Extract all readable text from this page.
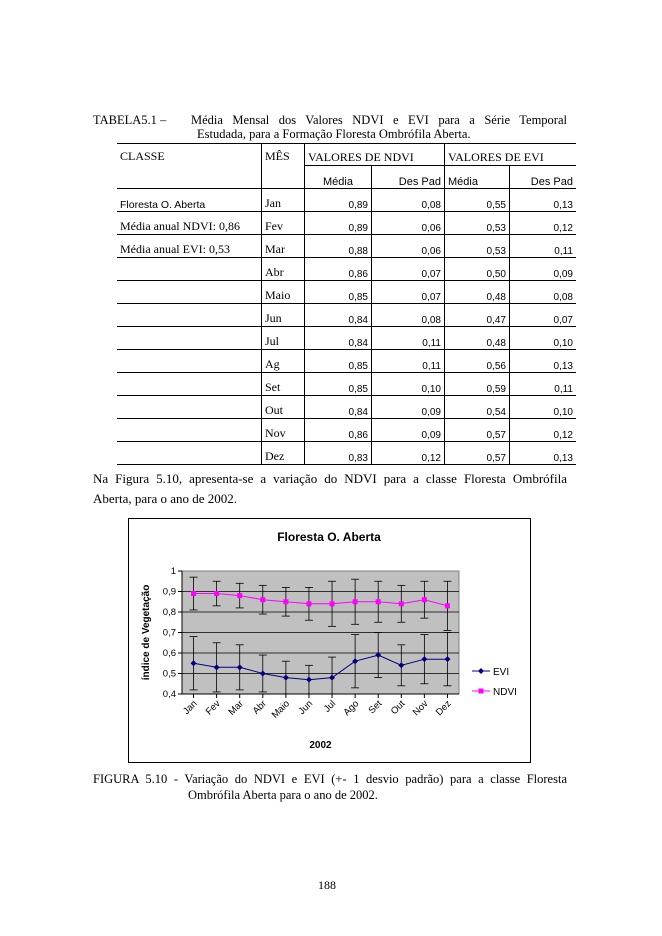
TABELA5.1 – Média Mensal dos Valores NDVI e EVI para a Série Temporal
Estudada, para a Formação Floresta Ombrófila Aberta.
CLASSE	MÊS	VALORES DE NDVI		VALORES DE EVI	
		Média	Des Pad	Média	Des Pad
Floresta O. Aberta	Jan	0,89	0,08	0,55	0,13
Média anual NDVI: 0,86	Fev	0,89	0,06	0,53	0,12
Média anual EVI: 0,53	Mar	0,88	0,06	0,53	0,11
	Abr	0,86	0,07	0,50	0,09
	Maio	0,85	0,07	0,48	0,08
	Jun	0,84	0,08	0,47	0,07
	Jul	0,84	0,11	0,48	0,10
	Ag	0,85	0,11	0,56	0,13
	Set	0,85	0,10	0,59	0,11
	Out	0,84	0,09	0,54	0,10
	Nov	0,86	0,09	0,57	0,12
	Dez	0,83	0,12	0,57	0,13
Na Figura 5.10, apresenta-se a variação do NDVI para a classe Floresta Ombrófila
Aberta, para o ano de 2002.
Floresta O. Aberta
0,4
0,5
0,6
0,7
0,8
0,9
1
Jan Fev Mar Abr Maio Jun Jul Ago Set Out Nov Dez
índice de Vegetação
2002
EVI
NDVI
FIGURA 5.10 - Variação do NDVI e EVI (+- 1 desvio padrão) para a classe Floresta
Ombrófila Aberta para o ano de 2002.
188
